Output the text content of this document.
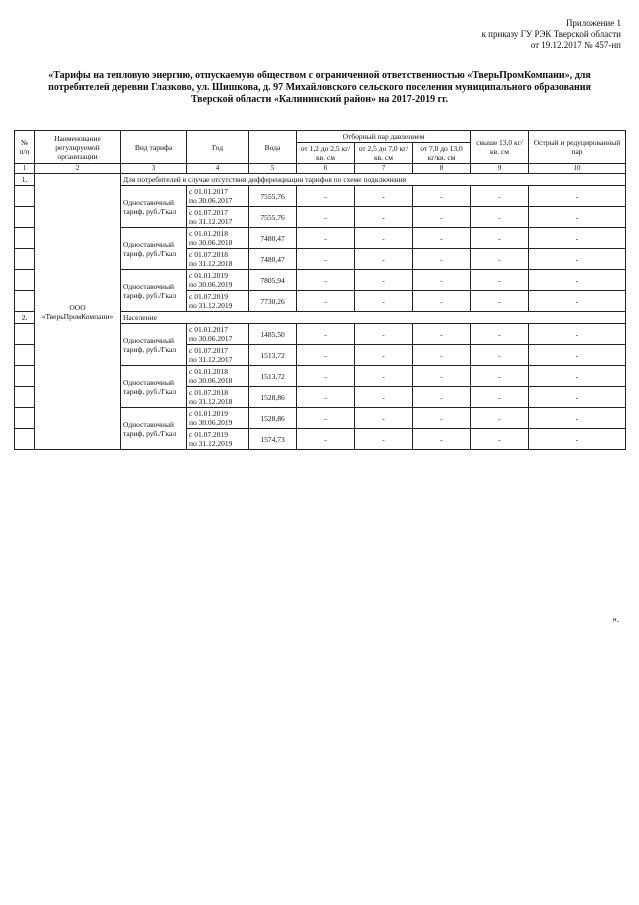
Приложение 1
к приказу ГУ РЭК Тверской области
от 19.12.2017 № 457-нп
«Тарифы на тепловую энергию, отпускаемую обществом с ограниченной ответственностью «ТверьПромКомпани», для потребителей деревни Глазково, ул. Шишкова, д. 97 Михайловского сельского поселения муниципального образования Тверской области «Калининский район» на 2017-2019 гг.
№ п/п	Наименование регулируемой организации	Вид тарифа	Год	Вода	Отборный пар давлением			свыше 13,0 кг/кв. см	Острый и редуцированный пар
					от 1,2 до 2,5 кг/кв. см	от 2,5 до 7,0 кг/кв. см	от 7,0 до 13,0 кг/кв. см		
1	2	3	4	5	6	7	8	9	10
1.	ООО «ТверьПромКомпани»	Для потребителей в случае отсутствия дифференциации тарифов по схеме подключения							
		Одноставочный тариф, руб./Гкал	с 01.01.2017
по 30.06.2017	7555,76	-	-	-	-	-

			с 01.07.2017
по 31.12.2017	7555,76	-	-	-	-	-
		Одноставочный тариф, руб./Гкал	с 01.01.2018
по 30.06.2018	7480,47	-	-	-	-	-

			с 01.07.2018
по 31.12.2018	7480,47	-	-	-	-	-
		Одноставочный тариф, руб./Гкал	с 01.01.2019
по 30.06.2019	7805,94	-	-	-	-	-

			с 01.07.2019
по 31.12.2019	7730,26	-	-	-	-	-
2.		Население							
		Одноставочный тариф, руб./Гкал	с 01.01.2017
по 30.06.2017	1485,50	-	-	-	-	-

			с 01.07.2017
по 31.12.2017	1513,72	-	-	-	-	-
		Одноставочный тариф, руб./Гкал	с 01.01.2018
по 30.06.2018	1513,72	-	-	-	-	-

			с 01.07.2018
по 31.12.2018	1528,86	-	-	-	-	-
		Одноставочный тариф, руб./Гкал	с 01.01.2019
по 30.06.2019	1528,86	-	-	-	-	-

			с 01.07.2019
по 31.12.2019	1574,73	-	-	-	-	-
».
